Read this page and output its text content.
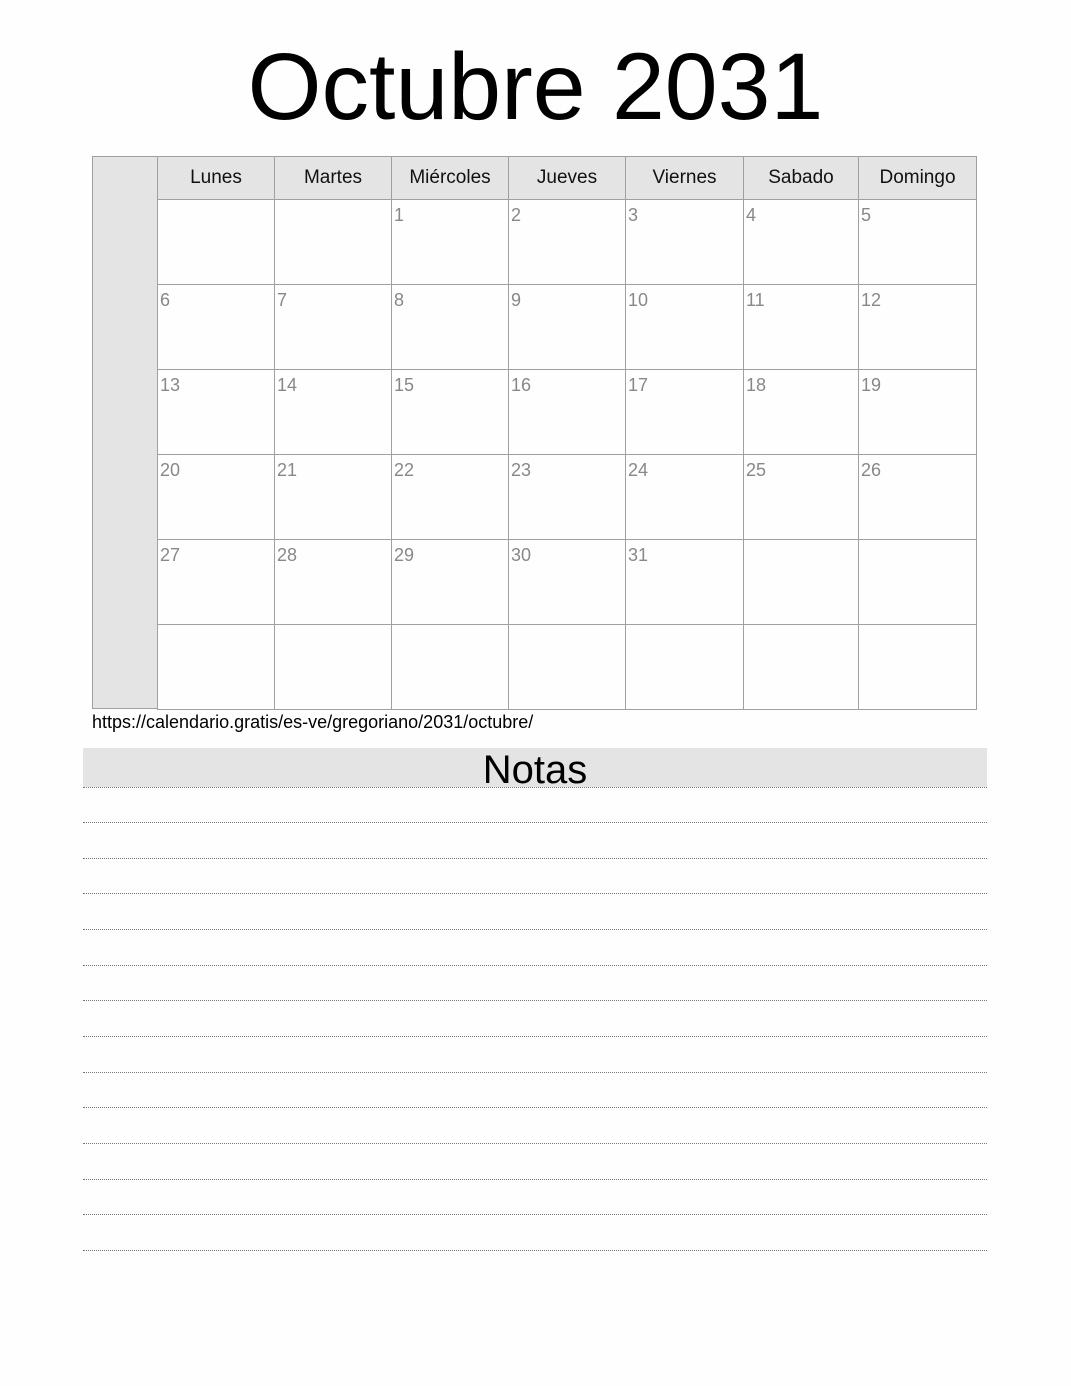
Octubre 2031
Lunes	Martes	Miércoles	Jueves	Viernes	Sabado	Domingo

		1	2	3	4	5

6	7	8	9	10	11	12

13	14	15	16	17	18	19

20	21	22	23	24	25	26

27	28	29	30	31		

https://calendario.gratis/es-ve/gregoriano/2031/octubre/
Notas
